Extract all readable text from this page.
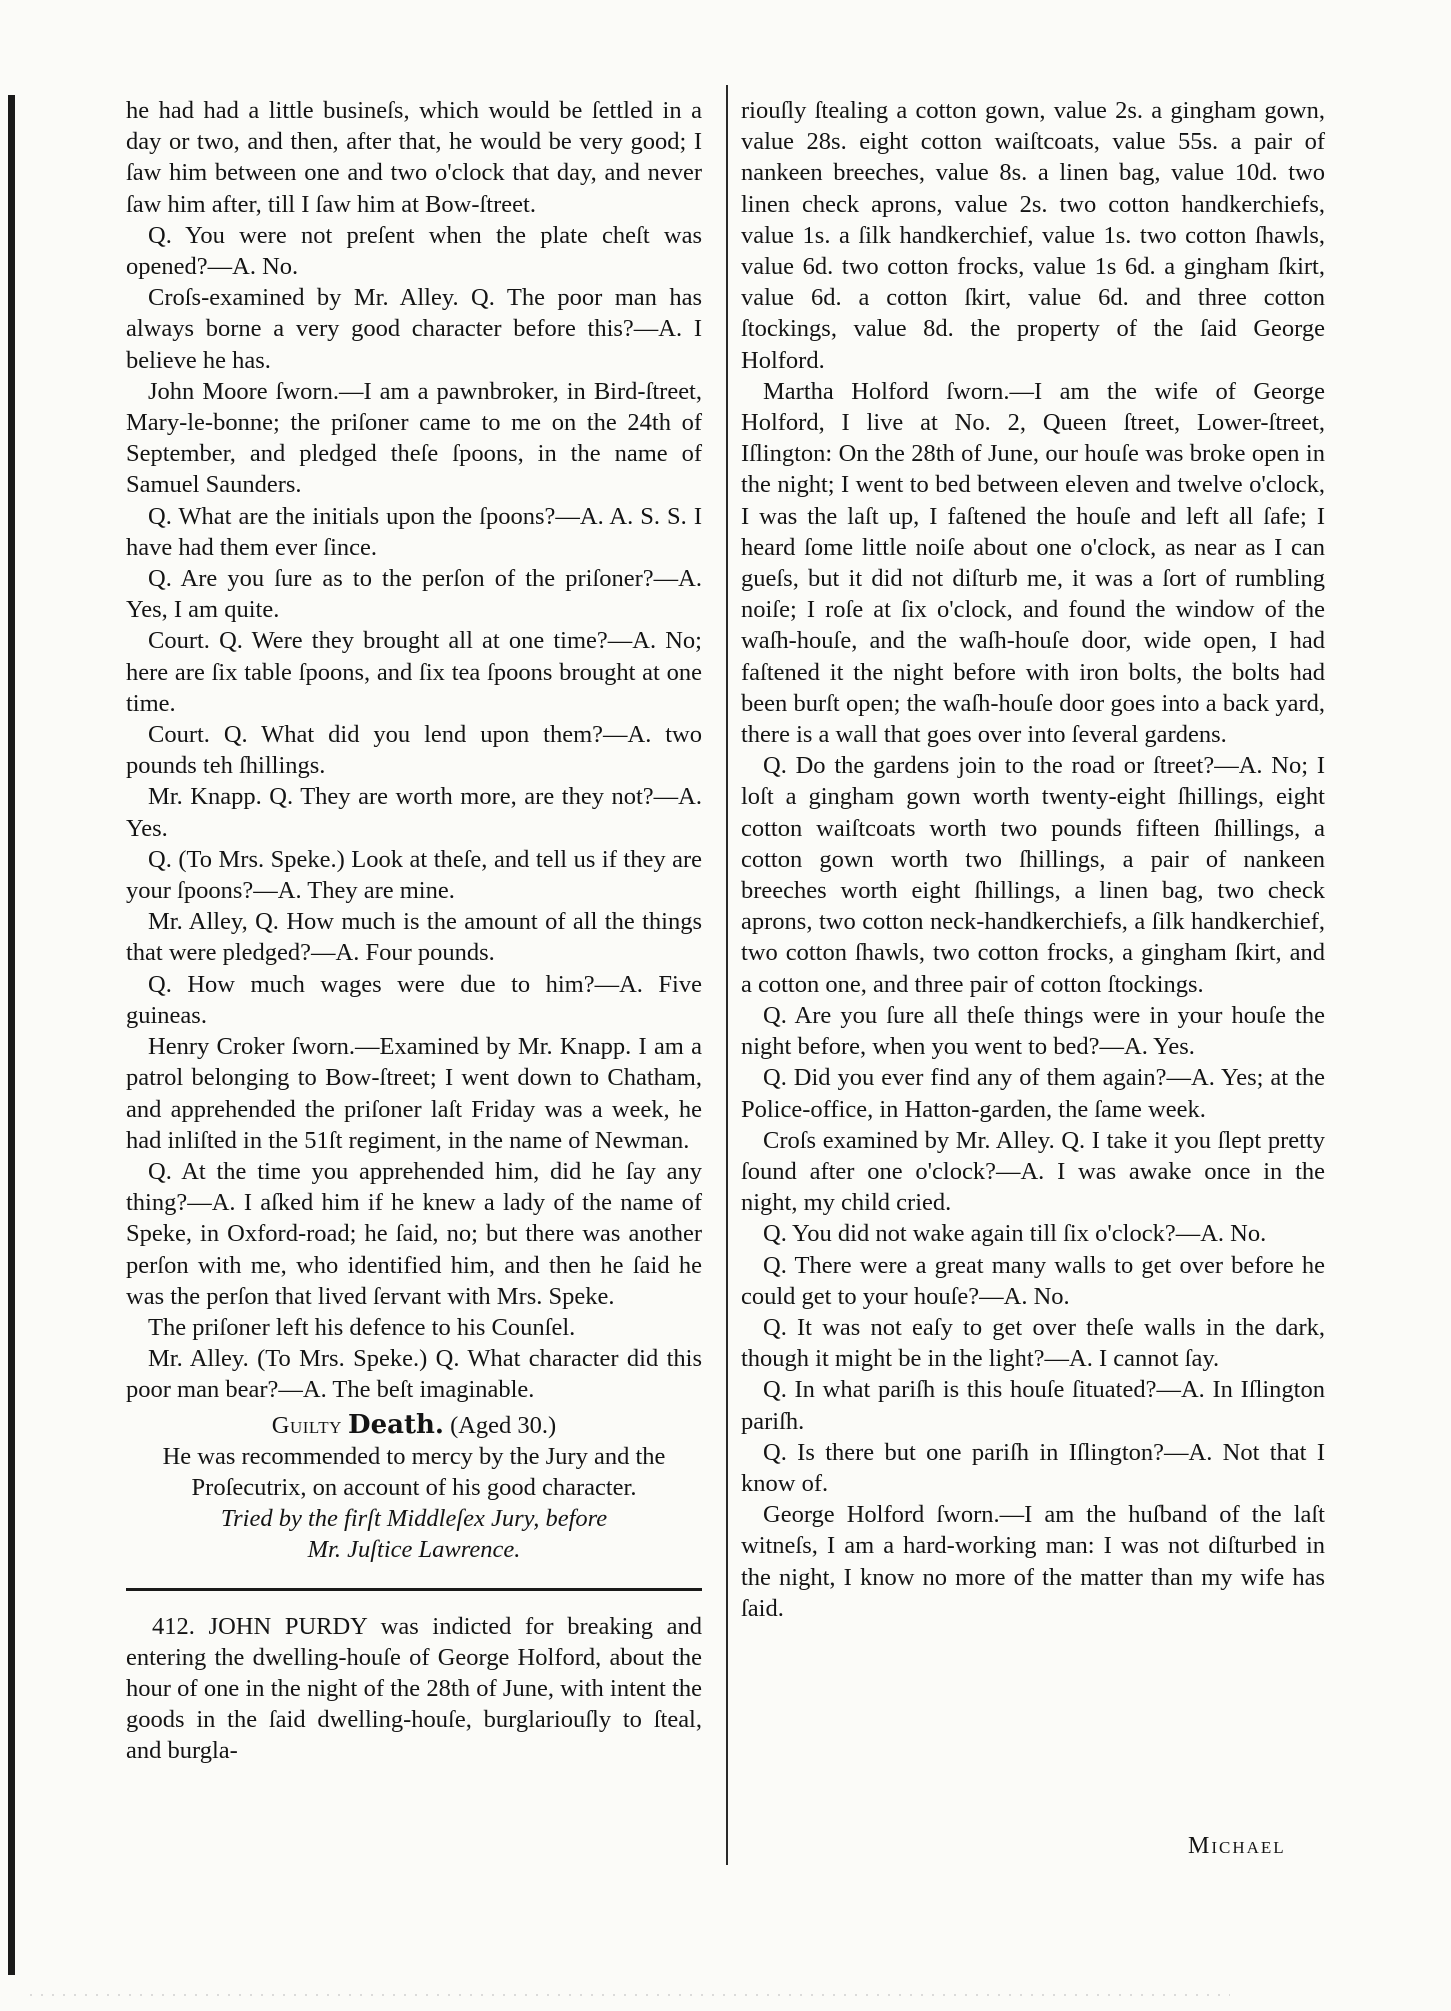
he had had a little busineſs, which would be ſettled in a day or two, and then, after that, he would be very good; I ſaw him between one and two o'clock that day, and never ſaw him after, till I ſaw him at Bow-ſtreet.

Q. You were not preſent when the plate cheſt was opened?—A. No.

Croſs-examined by Mr. Alley. Q. The poor man has always borne a very good character before this?—A. I believe he has.

John Moore ſworn.—I am a pawnbroker, in Bird-ſtreet, Mary-le-bonne; the priſoner came to me on the 24th of September, and pledged theſe ſpoons, in the name of Samuel Saunders.

Q. What are the initials upon the ſpoons?—A. A. S. S. I have had them ever ſince.

Q. Are you ſure as to the perſon of the priſoner?—A. Yes, I am quite.

Court. Q. Were they brought all at one time?—A. No; here are ſix table ſpoons, and ſix tea ſpoons brought at one time.

Court. Q. What did you lend upon them?—A. two pounds teh ſhillings.

Mr. Knapp. Q. They are worth more, are they not?—A. Yes.

Q. (To Mrs. Speke.) Look at theſe, and tell us if they are your ſpoons?—A. They are mine.

Mr. Alley, Q. How much is the amount of all the things that were pledged?—A. Four pounds.

Q. How much wages were due to him?—A. Five guineas.

Henry Croker ſworn.—Examined by Mr. Knapp. I am a patrol belonging to Bow-ſtreet; I went down to Chatham, and apprehended the priſoner laſt Friday was a week, he had inliſted in the 51ſt regiment, in the name of Newman.

Q. At the time you apprehended him, did he ſay any thing?—A. I aſked him if he knew a lady of the name of Speke, in Oxford-road; he ſaid, no; but there was another perſon with me, who identified him, and then he ſaid he was the perſon that lived ſervant with Mrs. Speke.

The priſoner left his defence to his Counſel.

Mr. Alley. (To Mrs. Speke.) Q. What character did this poor man bear?—A. The beſt imaginable.

Guilty Death. (Aged 30.)

He was recommended to mercy by the Jury and the Proſecutrix, on account of his good character.

Tried by the firſt Middleſex Jury, before

Mr. Juſtice Lawrence.

412. JOHN PURDY was indicted for breaking and entering the dwelling-houſe of George Holford, about the hour of one in the night of the 28th of June, with intent the goods in the ſaid dwelling-houſe, burglariouſly to ſteal, and burgla-

riouſly ſtealing a cotton gown, value 2s. a gingham gown, value 28s. eight cotton waiſtcoats, value 55s. a pair of nankeen breeches, value 8s. a linen bag, value 10d. two linen check aprons, value 2s. two cotton handkerchiefs, value 1s. a ſilk handkerchief, value 1s. two cotton ſhawls, value 6d. two cotton frocks, value 1s 6d. a gingham ſkirt, value 6d. a cotton ſkirt, value 6d. and three cotton ſtockings, value 8d. the property of the ſaid George Holford.

Martha Holford ſworn.—I am the wife of George Holford, I live at No. 2, Queen ſtreet, Lower-ſtreet, Iſlington: On the 28th of June, our houſe was broke open in the night; I went to bed between eleven and twelve o'clock, I was the laſt up, I faſtened the houſe and left all ſafe; I heard ſome little noiſe about one o'clock, as near as I can gueſs, but it did not diſturb me, it was a ſort of rumbling noiſe; I roſe at ſix o'clock, and found the window of the waſh-houſe, and the waſh-houſe door, wide open, I had faſtened it the night before with iron bolts, the bolts had been burſt open; the waſh-houſe door goes into a back yard, there is a wall that goes over into ſeveral gardens.

Q. Do the gardens join to the road or ſtreet?—A. No; I loſt a gingham gown worth twenty-eight ſhillings, eight cotton waiſtcoats worth two pounds fifteen ſhillings, a cotton gown worth two ſhillings, a pair of nankeen breeches worth eight ſhillings, a linen bag, two check aprons, two cotton neck-handkerchiefs, a ſilk handkerchief, two cotton ſhawls, two cotton frocks, a gingham ſkirt, and a cotton one, and three pair of cotton ſtockings.

Q. Are you ſure all theſe things were in your houſe the night before, when you went to bed?—A. Yes.

Q. Did you ever find any of them again?—A. Yes; at the Police-office, in Hatton-garden, the ſame week.

Croſs examined by Mr. Alley. Q. I take it you ſlept pretty ſound after one o'clock?—A. I was awake once in the night, my child cried.

Q. You did not wake again till ſix o'clock?—A. No.

Q. There were a great many walls to get over before he could get to your houſe?—A. No.

Q. It was not eaſy to get over theſe walls in the dark, though it might be in the light?—A. I cannot ſay.

Q. In what pariſh is this houſe ſituated?—A. In Iſlington pariſh.

Q. Is there but one pariſh in Iſlington?—A. Not that I know of.

George Holford ſworn.—I am the huſband of the laſt witneſs, I am a hard-working man: I was not diſturbed in the night, I know no more of the matter than my wife has ſaid.

Michael
